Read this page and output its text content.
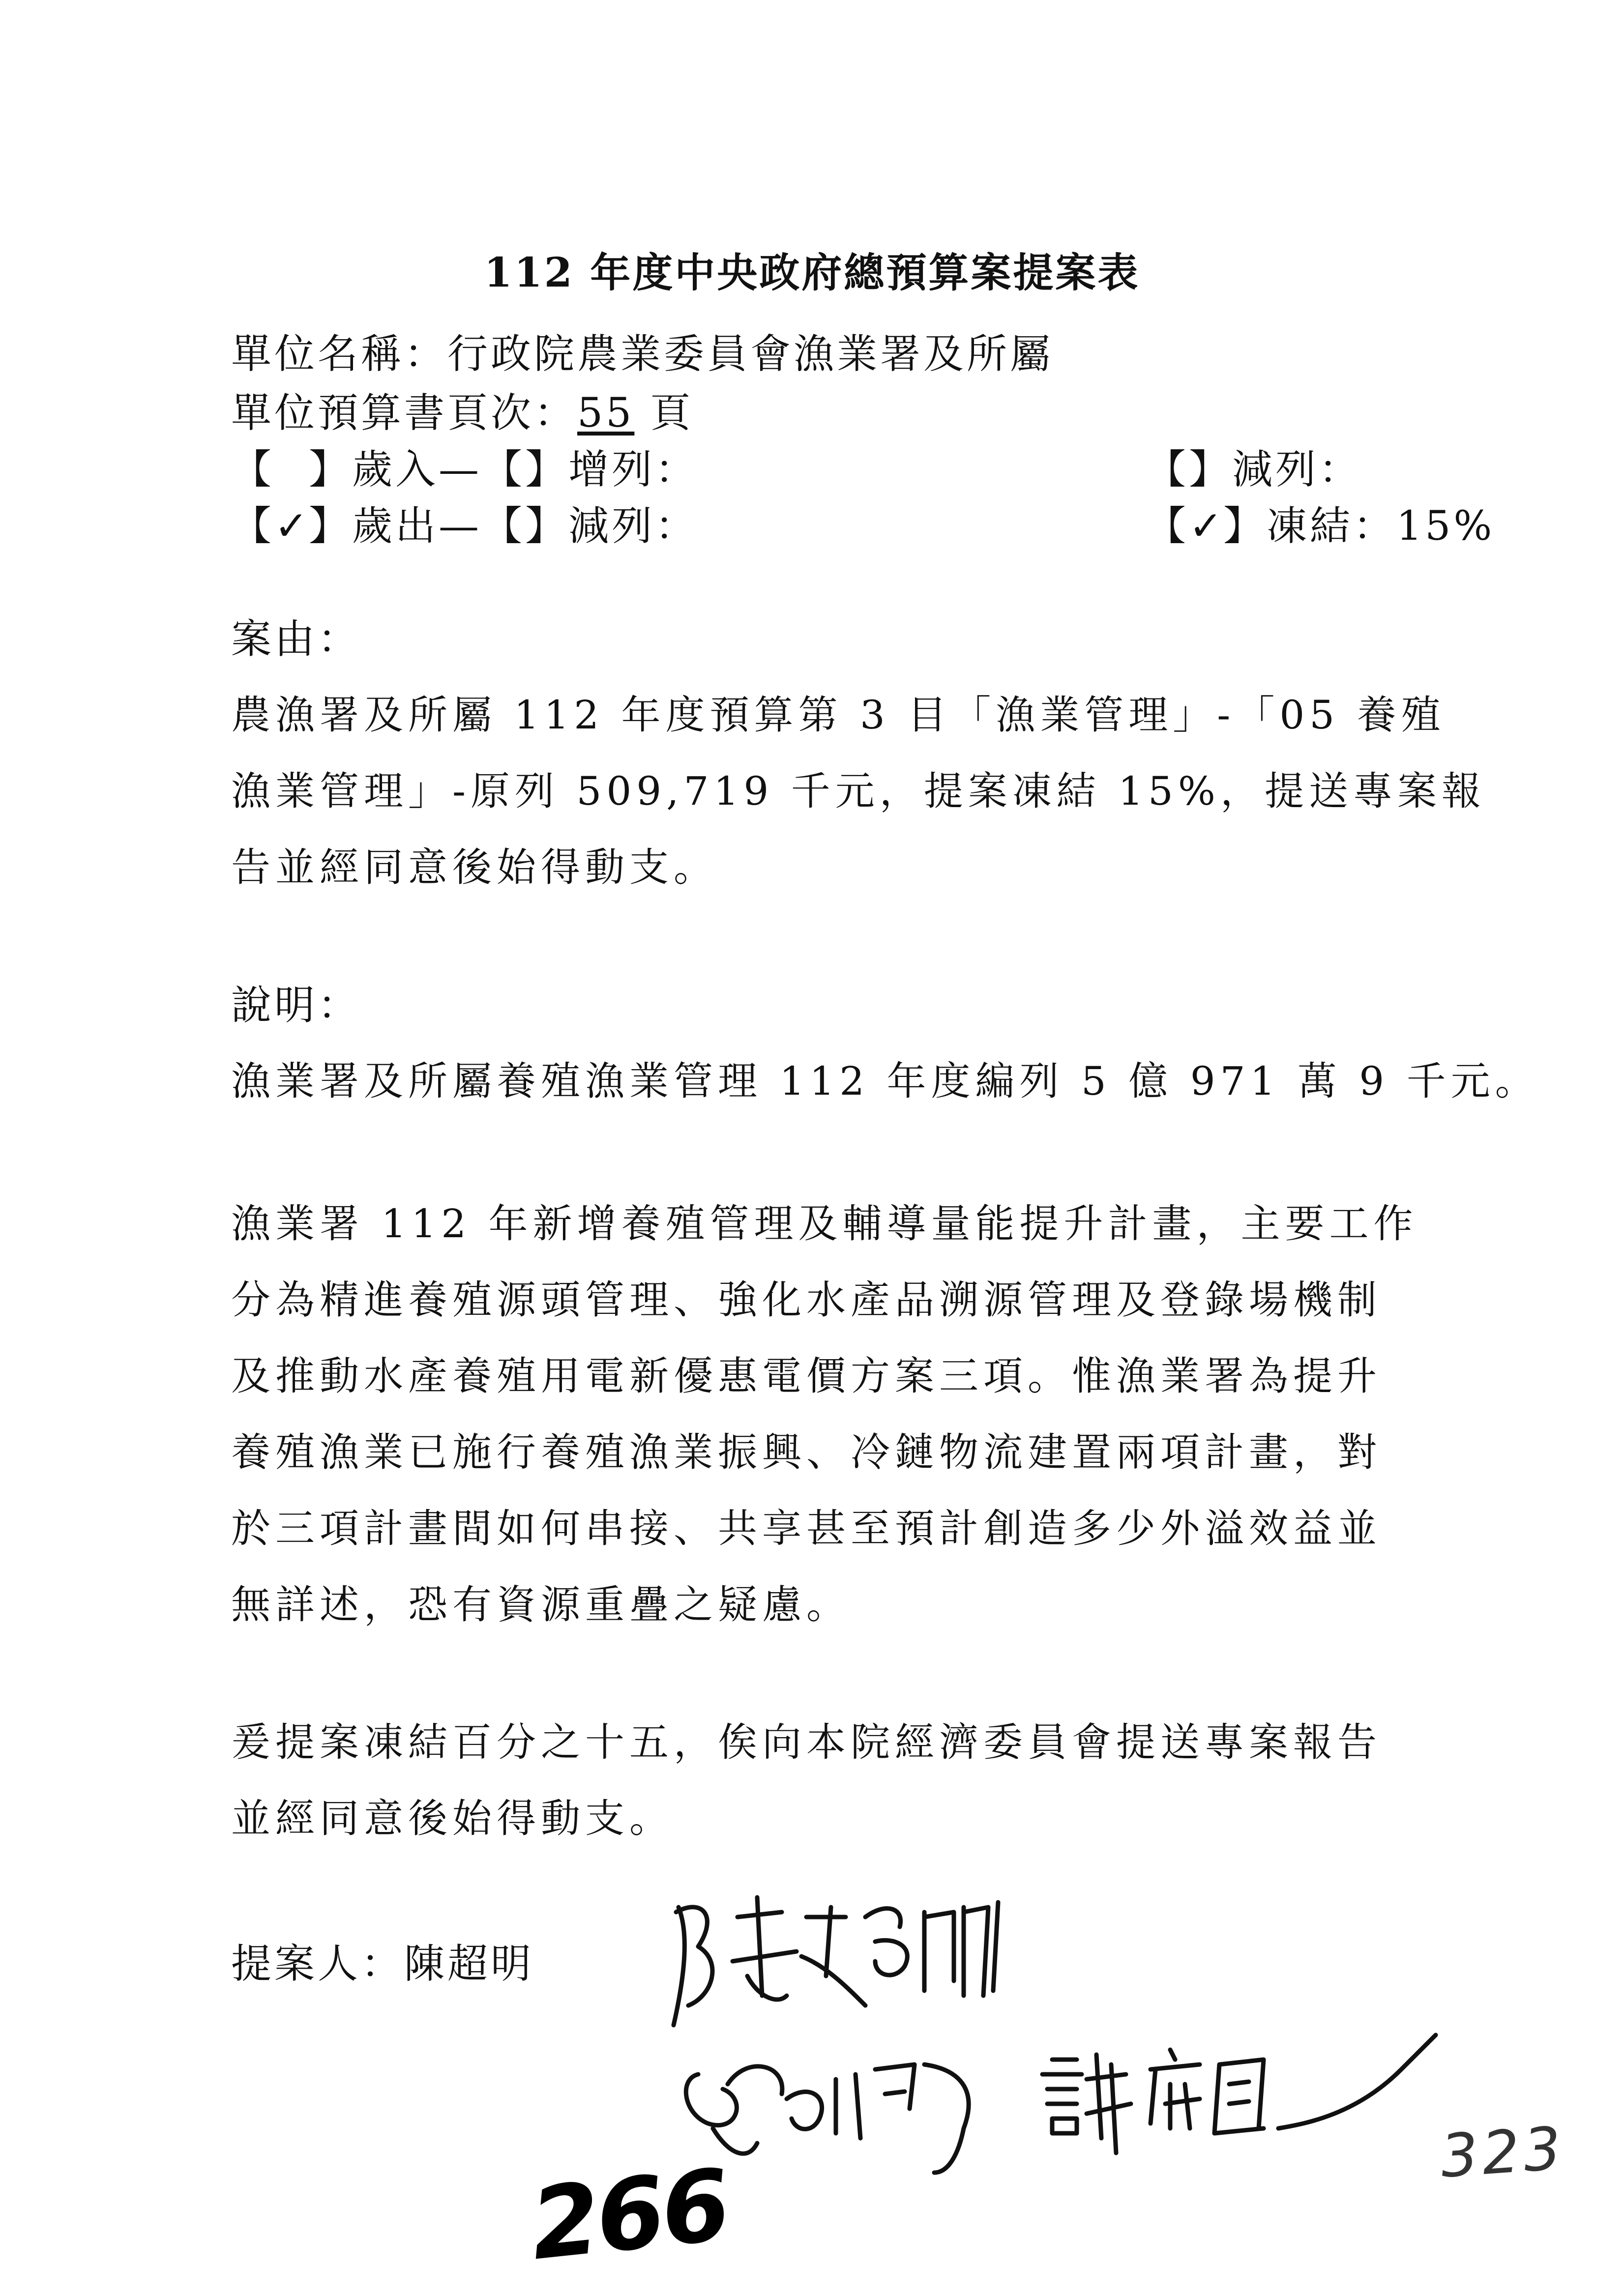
112 年度中央政府總預算案提案表
單位名稱：行政院農業委員會漁業署及所屬
單位預算書頁次：55 頁
【 】歲入—【】增列：	【】減列：
【✓】歲出—【】減列：	【✓】凍結：15%
案由：
農漁署及所屬 112 年度預算第 3 目「漁業管理」-「05 養殖
漁業管理」-原列 509,719 千元，提案凍結 15%，提送專案報
告並經同意後始得動支。
說明：
漁業署及所屬養殖漁業管理 112 年度編列 5 億 971 萬 9 千元。
漁業署 112 年新增養殖管理及輔導量能提升計畫，主要工作
分為精進養殖源頭管理、強化水產品溯源管理及登錄場機制
及推動水產養殖用電新優惠電價方案三項。惟漁業署為提升
養殖漁業已施行養殖漁業振興、冷鏈物流建置兩項計畫，對
於三項計畫間如何串接、共享甚至預計創造多少外溢效益並
無詳述，恐有資源重疊之疑慮。
爰提案凍結百分之十五，俟向本院經濟委員會提送專案報告
並經同意後始得動支。
提案人：陳超明
266	323
